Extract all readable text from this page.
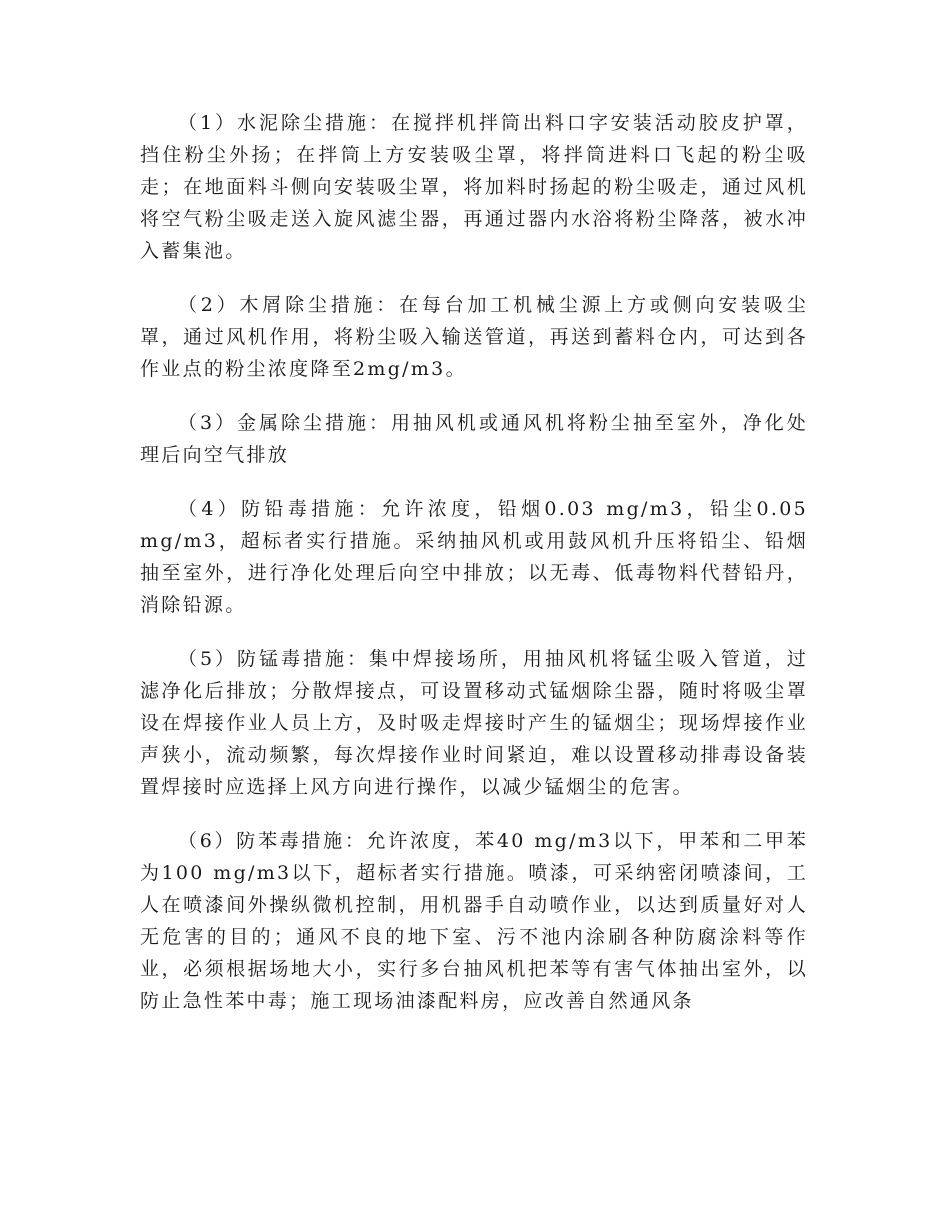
（1）水泥除尘措施：在搅拌机拌筒出料口字安装活动胶皮护罩，挡住粉尘外扬；在拌筒上方安装吸尘罩，将拌筒进料口飞起的粉尘吸走；在地面料斗侧向安装吸尘罩，将加料时扬起的粉尘吸走，通过风机将空气粉尘吸走送入旋风滤尘器，再通过器内水浴将粉尘降落，被水冲入蓄集池。

（2）木屑除尘措施：在每台加工机械尘源上方或侧向安装吸尘罩，通过风机作用，将粉尘吸入输送管道，再送到蓄料仓内，可达到各作业点的粉尘浓度降至2mg/m3。

（3）金属除尘措施：用抽风机或通风机将粉尘抽至室外，净化处理后向空气排放

（4）防铅毒措施：允许浓度，铅烟0.03 mg/m3，铅尘0.05 mg/m3，超标者实行措施。采纳抽风机或用鼓风机升压将铅尘、铅烟抽至室外，进行净化处理后向空中排放；以无毒、低毒物料代替铅丹，消除铅源。

（5）防锰毒措施：集中焊接场所，用抽风机将锰尘吸入管道，过滤净化后排放；分散焊接点，可设置移动式锰烟除尘器，随时将吸尘罩设在焊接作业人员上方，及时吸走焊接时产生的锰烟尘；现场焊接作业声狭小，流动频繁，每次焊接作业时间紧迫，难以设置移动排毒设备装置焊接时应选择上风方向进行操作，以减少锰烟尘的危害。

（6）防苯毒措施：允许浓度，苯40 mg/m3以下，甲苯和二甲苯为100 mg/m3以下，超标者实行措施。喷漆，可采纳密闭喷漆间，工人在喷漆间外操纵微机控制，用机器手自动喷作业，以达到质量好对人无危害的目的；通风不良的地下室、污不池内涂刷各种防腐涂料等作业，必须根据场地大小，实行多台抽风机把苯等有害气体抽出室外，以防止急性苯中毒；施工现场油漆配料房，应改善自然通风条
